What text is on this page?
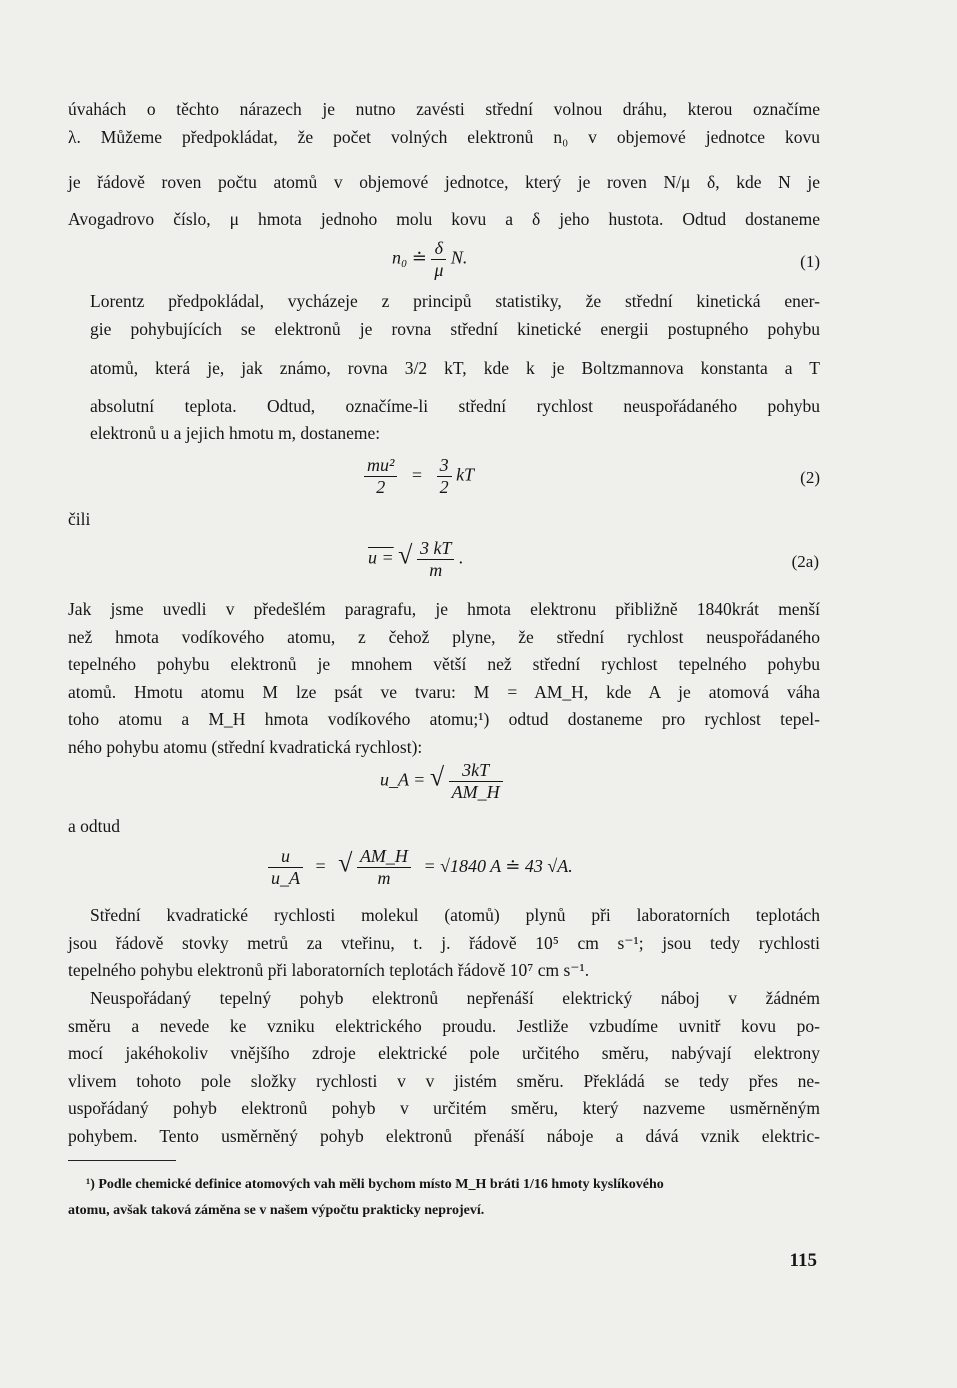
úvahách o těchto nárazech je nutno zavésti střední volnou dráhu, kterou označíme
λ. Můžeme předpokládat, že počet volných elektronů n₀ v objemové jednotce kovu
je řádově roven počtu atomů v objemové jednotce, který je roven N/μ δ, kde N je
Avogadrovo číslo, μ hmota jednoho molu kovu a δ jeho hustota. Odtud dostaneme
n₀ ≐ $\frac{\delta}{\mu} N$.	(1)
Lorentz předpokládal, vycházeje z principů statistiky, že střední kinetická ener-
gie pohybujících se elektronů je rovna střední kinetické energii postupného pohybu
atomů, která je, jak známo, rovna 3/2 kT, kde k je Boltzmannova konstanta a T
absolutní teplota. Odtud, označíme-li střední rychlost neuspořádaného pohybu
elektronů u a jejich hmotu m, dostaneme:
$\frac{\text{mu²}}{2} = \frac{3}{2}$ kT	(2)
čili
u = √ $\frac{3 kT}{m}$ .	(2a)
Jak jsme uvedli v předešlém paragrafu, je hmota elektronu přibližně 1840krát menší
než hmota vodíkového atomu, z čehož plyne, že střední rychlost neuspořádaného
tepelného pohybu elektronů je mnohem větší než střední rychlost tepelného pohybu
atomů. Hmotu atomu M lze psát ve tvaru: M = AM_H, kde A je atomová váha
toho atomu a M_H hmota vodíkového atomu;¹) odtud dostaneme pro rychlost tepel-
ného pohybu atomu (střední kvadratická rychlost):
u_A = √ $\frac{3kT}{AM\_H}$
a odtud
$\frac{u}{u\_A}$ = √ $\frac{AM\_H}{m} = √1840$ A ≐ 43 √A.
Střední kvadratické rychlosti molekul (atomů) plynů při laboratorních teplotách
jsou řádově stovky metrů za vteřinu, t. j. řádově 10⁵ cm s⁻¹; jsou tedy rychlosti
tepelného pohybu elektronů při laboratorních teplotách řádově 10⁷ cm s⁻¹.
Neuspořádaný tepelný pohyb elektronů nepřenáší elektrický náboj v žádném
směru a nevede ke vzniku elektrického proudu. Jestliže vzbudíme uvnitř kovu po-
mocí jakéhokoliv vnějšího zdroje elektrické pole určitého směru, nabývají elektrony
vlivem tohoto pole složky rychlosti v v jistém směru. Překládá se tedy přes ne-
uspořádaný pohyb elektronů pohyb v určitém směru, který nazveme usměrněným
pohybem. Tento usměrněný pohyb elektronů přenáší náboje a dává vznik elektric-
¹) Podle chemické definice atomových vah měli bychom místo M_H bráti 1/16 hmoty kyslíkového
atomu, avšak taková záměna se v našem výpočtu prakticky neprojeví.
115
